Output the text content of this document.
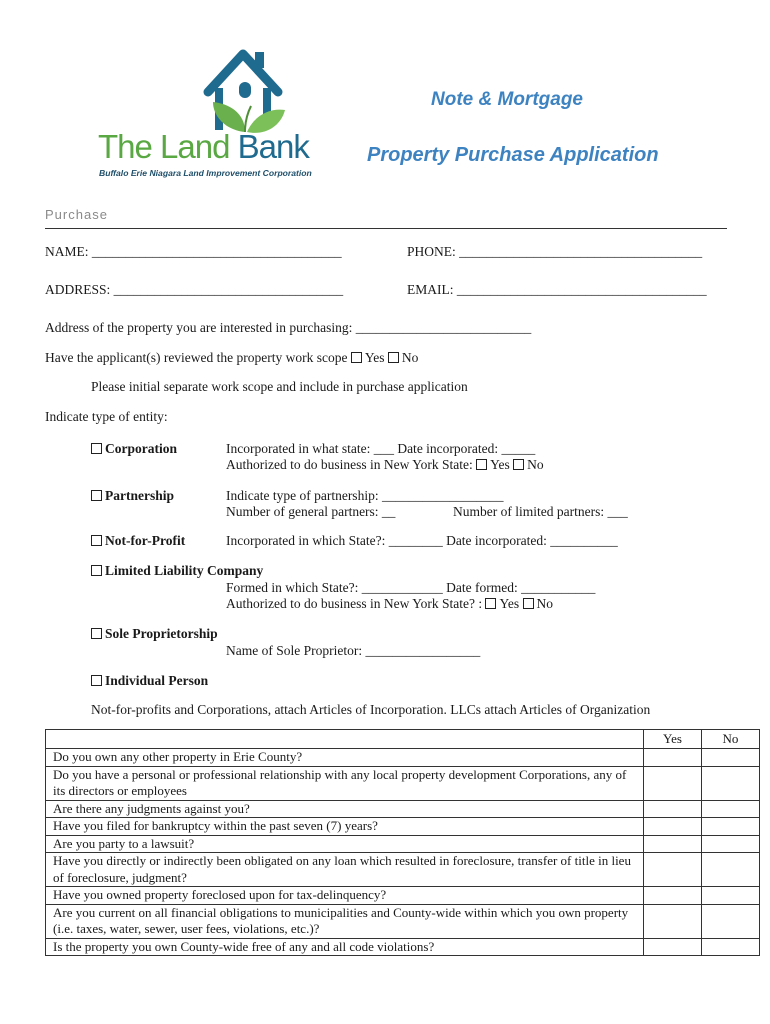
The Land Bank
Buffalo Erie Niagara Land Improvement Corporation
Note & Mortgage
Property Purchase Application
Purchase
NAME: _____________________________________	PHONE: ____________________________________
ADDRESS: __________________________________	EMAIL: _____________________________________
Address of the property you are interested in purchasing: __________________________
Have the applicant(s) reviewed the property work scope Yes No
Please initial separate work scope and include in purchase application
Indicate type of entity:
Corporation	Incorporated in what state: ___ Date incorporated: _____
Authorized to do business in New York State: Yes No
Partnership	Indicate type of partnership: __________________
Number of general partners: __	Number of limited partners: ___
Not-for-Profit	Incorporated in which State?: ________ Date incorporated: __________
Limited Liability Company
Formed in which State?: ____________ Date formed: ___________
Authorized to do business in New York State? : Yes No
Sole Proprietorship
Name of Sole Proprietor: _________________
Individual Person
Not-for-profits and Corporations, attach Articles of Incorporation. LLCs attach Articles of Organization
	Yes	No
Do you own any other property in Erie County?		
Do you have a personal or professional relationship with any local property development Corporations, any of its directors or employees		
Are there any judgments against you?		
Have you filed for bankruptcy within the past seven (7) years?		
Are you party to a lawsuit?		
Have you directly or indirectly been obligated on any loan which resulted in foreclosure, transfer of title in lieu of foreclosure, judgment?		
Have you owned property foreclosed upon for tax-delinquency?		
Are you current on all financial obligations to municipalities and County-wide within which you own property (i.e. taxes, water, sewer, user fees, violations, etc.)?		
Is the property you own County-wide free of any and all code violations?		
